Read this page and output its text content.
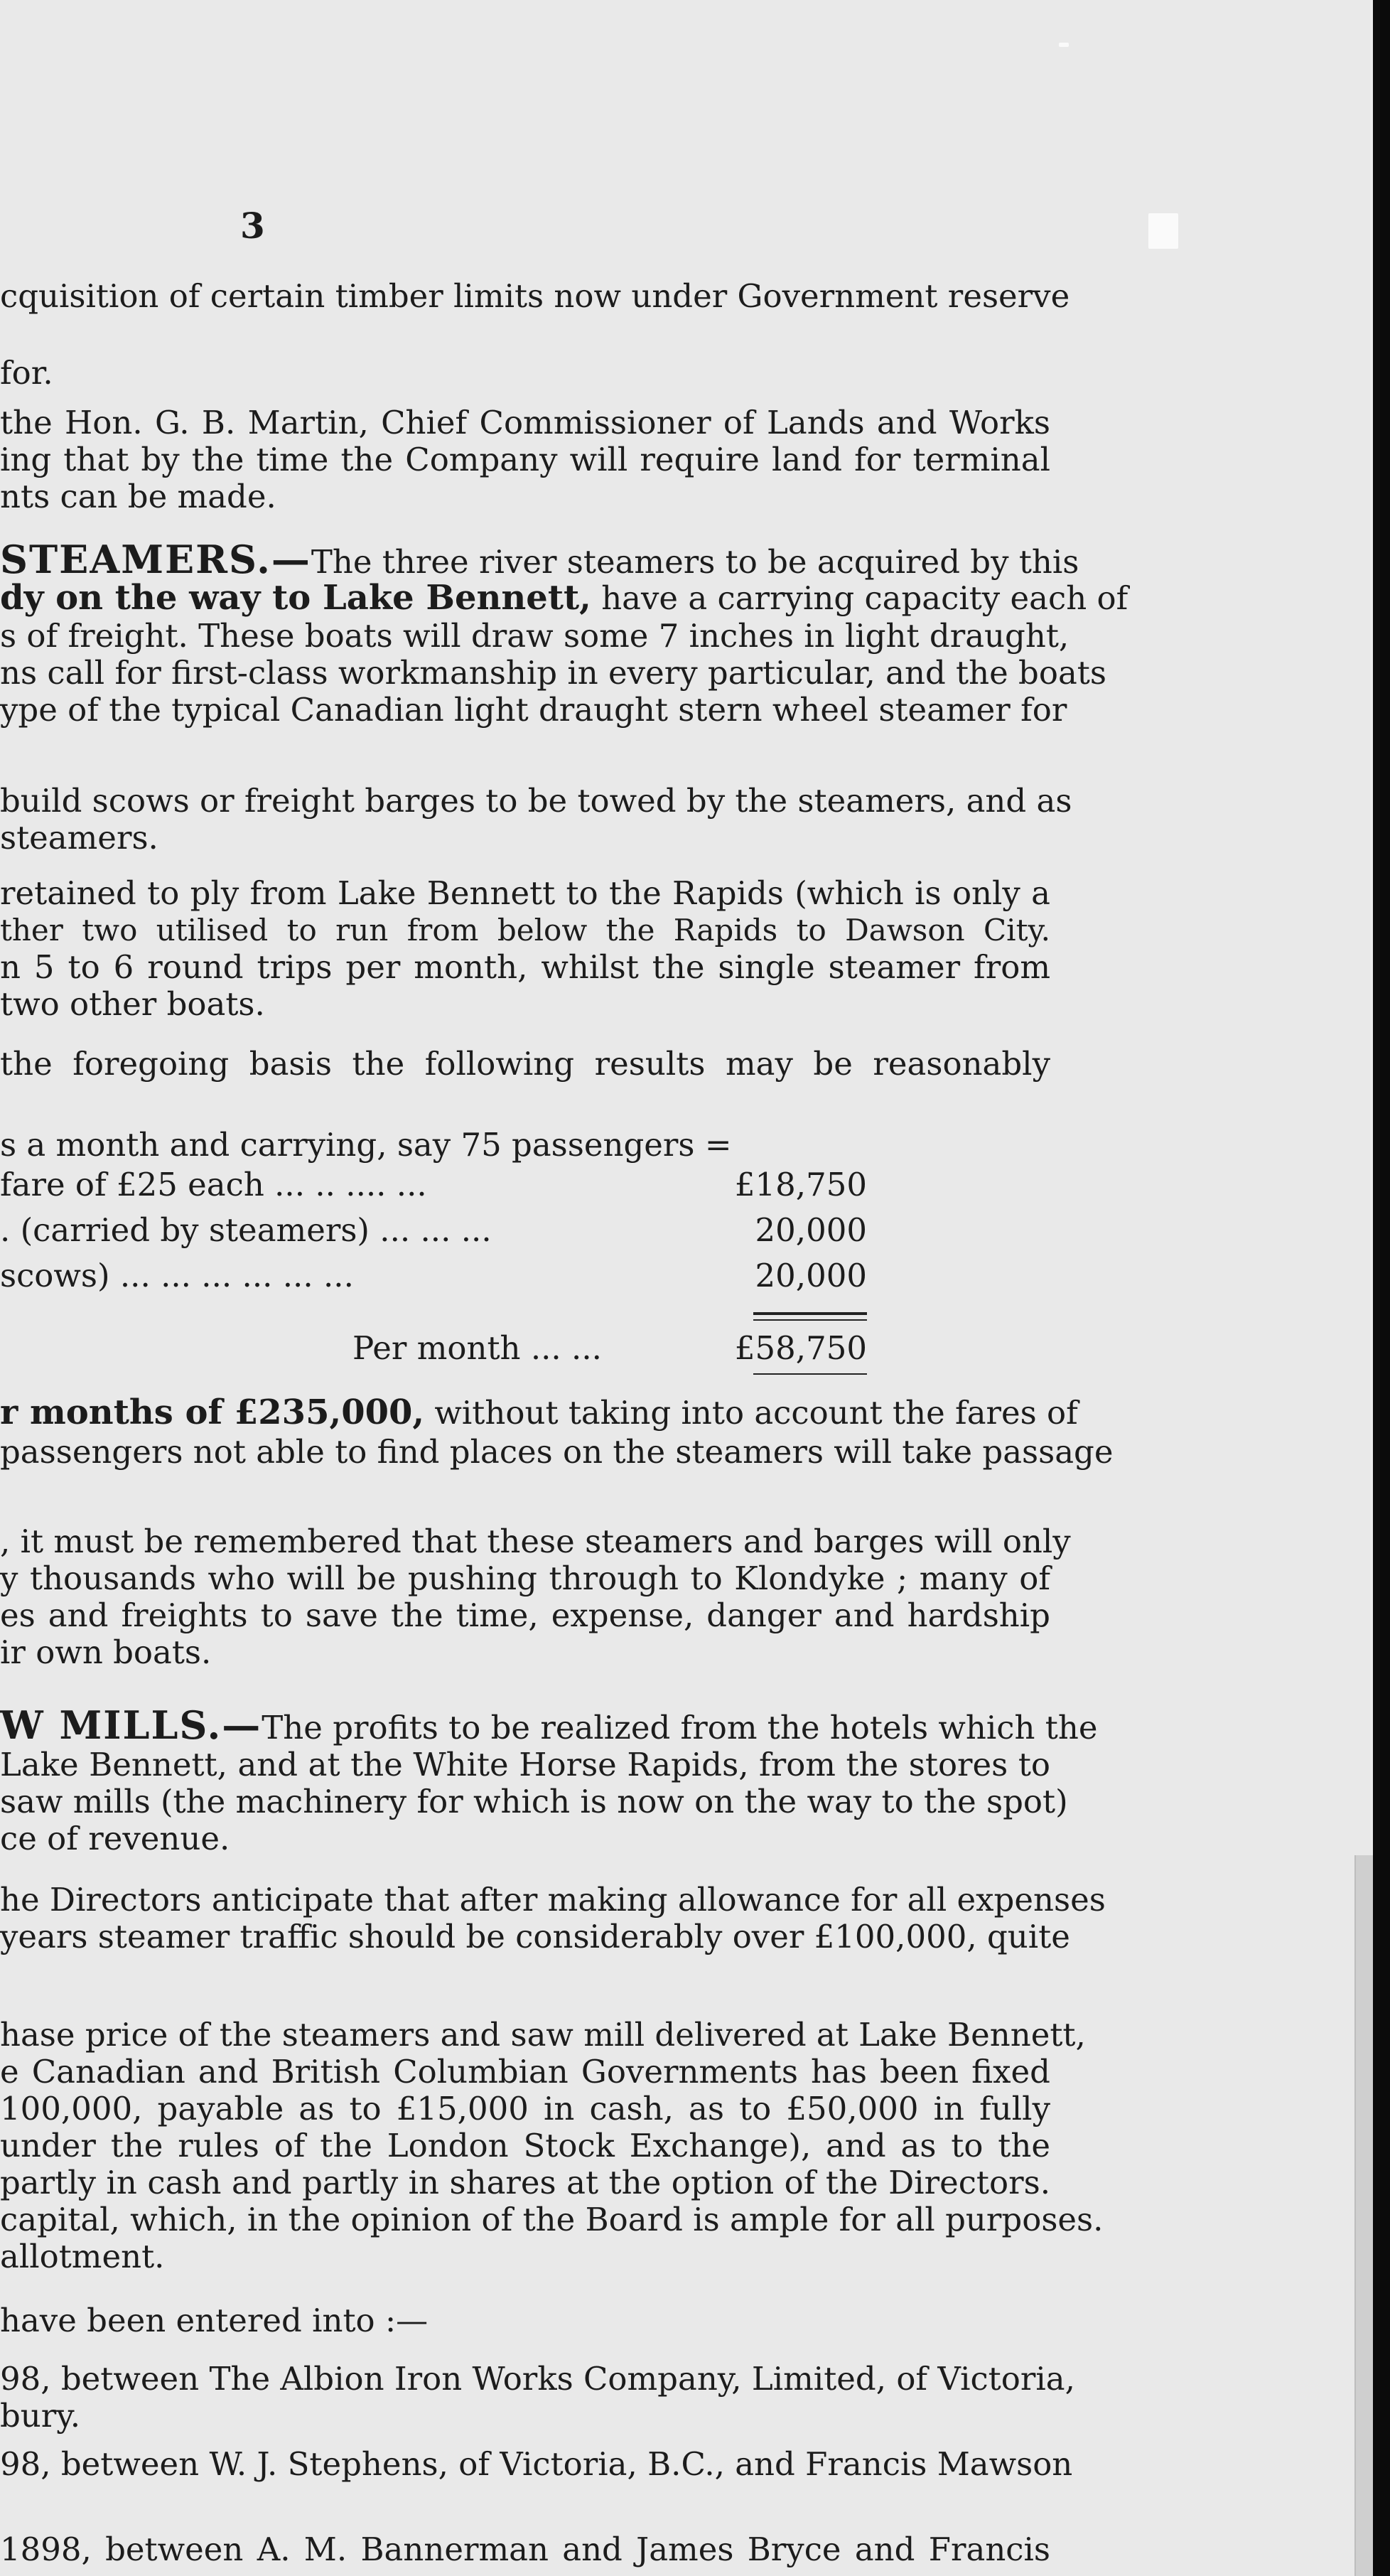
3
cquisition of certain timber limits now under Government reserve
for.
the Hon. G. B. Martin, Chief Commissioner of Lands and Works
ing that by the time the Company will require land for terminal
nts can be made.
STEAMERS.—The three river steamers to be acquired by this
dy on the way to Lake Bennett, have a carrying capacity each of
s of freight. These boats will draw some 7 inches in light draught,
ns call for first-class workmanship in every particular, and the boats
ype of the typical Canadian light draught stern wheel steamer for
build scows or freight barges to be towed by the steamers, and as
steamers.
retained to ply from Lake Bennett to the Rapids (which is only a
ther two utilised to run from below the Rapids to Dawson City.
n 5 to 6 round trips per month, whilst the single steamer from
two other boats.
the foregoing basis the following results may be reasonably
s a month and carrying, say 75 passengers =
fare of £25 each ... .. .... ...	£18,750
. (carried by steamers) ... ... ...	20,000
scows) ... ... ... ... ... ...	20,000
Per month ... ...	£58,750
r months of £235,000, without taking into account the fares of
passengers not able to find places on the steamers will take passage
, it must be remembered that these steamers and barges will only
y thousands who will be pushing through to Klondyke ; many of
es and freights to save the time, expense, danger and hardship
ir own boats.
W MILLS.—The profits to be realized from the hotels which the
Lake Bennett, and at the White Horse Rapids, from the stores to
saw mills (the machinery for which is now on the way to the spot)
ce of revenue.
he Directors anticipate that after making allowance for all expenses
years steamer traffic should be considerably over £100,000, quite
hase price of the steamers and saw mill delivered at Lake Bennett,
e Canadian and British Columbian Governments has been fixed
100,000, payable as to £15,000 in cash, as to £50,000 in fully
under the rules of the London Stock Exchange), and as to the
partly in cash and partly in shares at the option of the Directors.
capital, which, in the opinion of the Board is ample for all purposes.
allotment.
have been entered into :—
98, between The Albion Iron Works Company, Limited, of Victoria,
bury.
98, between W. J. Stephens, of Victoria, B.C., and Francis Mawson
1898, between A. M. Bannerman and James Bryce and Francis
